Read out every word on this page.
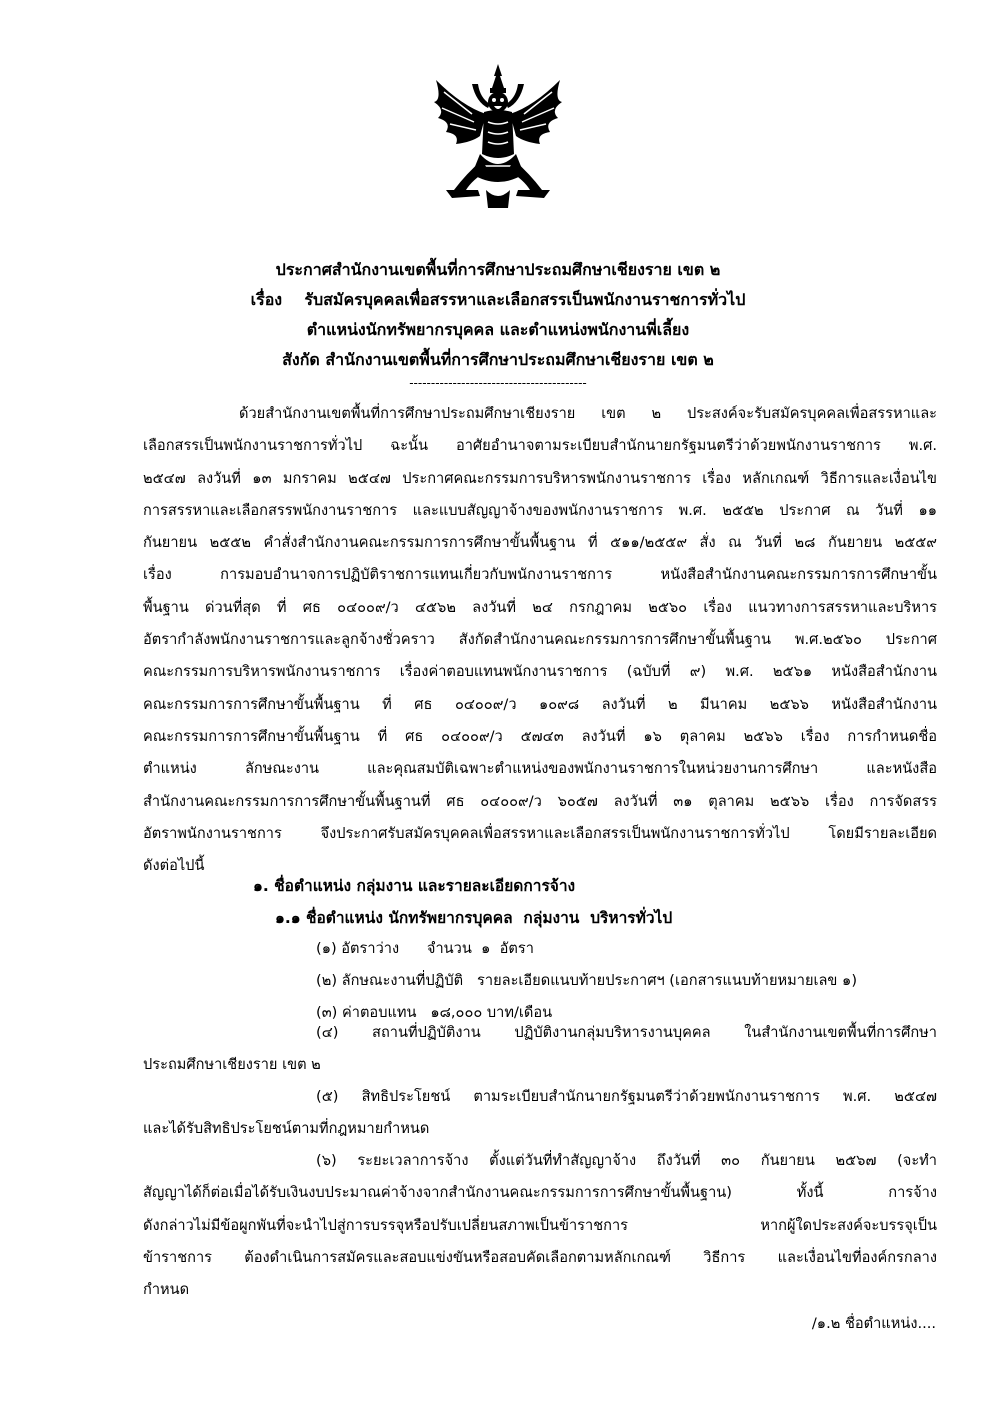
ประกาศสำนักงานเขตพื้นที่การศึกษาประถมศึกษาเชียงราย เขต ๒
เรื่อง    รับสมัครบุคคลเพื่อสรรหาและเลือกสรรเป็นพนักงานราชการทั่วไป
ตำแหน่งนักทรัพยากรบุคคล และตำแหน่งพนักงานพี่เลี้ยง
สังกัด สำนักงานเขตพื้นที่การศึกษาประถมศึกษาเชียงราย เขต ๒
-----------------------------------------
ด้วยสำนักงานเขตพื้นที่การศึกษาประถมศึกษาเชียงราย เขต ๒ ประสงค์จะรับสมัครบุคคลเพื่อสรรหาและ
เลือกสรรเป็นพนักงานราชการทั่วไป ฉะนั้น อาศัยอำนาจตามระเบียบสำนักนายกรัฐมนตรีว่าด้วยพนักงานราชการ พ.ศ.
๒๕๔๗ ลงวันที่ ๑๓ มกราคม ๒๕๔๗ ประกาศคณะกรรมการบริหารพนักงานราชการ เรื่อง หลักเกณฑ์ วิธีการและเงื่อนไข
การสรรหาและเลือกสรรพนักงานราชการ และแบบสัญญาจ้างของพนักงานราชการ พ.ศ. ๒๕๕๒ ประกาศ ณ วันที่ ๑๑
กันยายน ๒๕๕๒ คำสั่งสำนักงานคณะกรรมการการศึกษาขั้นพื้นฐาน ที่ ๕๑๑/๒๕๕๙ สั่ง ณ วันที่ ๒๘ กันยายน ๒๕๕๙
เรื่อง การมอบอำนาจการปฏิบัติราชการแทนเกี่ยวกับพนักงานราชการ หนังสือสำนักงานคณะกรรมการการศึกษาขั้น
พื้นฐาน ด่วนที่สุด ที่ ศธ ๐๔๐๐๙/ว ๔๕๖๒ ลงวันที่ ๒๔ กรกฎาคม ๒๕๖๐ เรื่อง แนวทางการสรรหาและบริหาร
อัตรากำลังพนักงานราชการและลูกจ้างชั่วคราว สังกัดสำนักงานคณะกรรมการการศึกษาขั้นพื้นฐาน พ.ศ.๒๕๖๐ ประกาศ
คณะกรรมการบริหารพนักงานราชการ เรื่องค่าตอบแทนพนักงานราชการ (ฉบับที่ ๙) พ.ศ. ๒๕๖๑ หนังสือสำนักงาน
คณะกรรมการการศึกษาขั้นพื้นฐาน ที่ ศธ ๐๔๐๐๙/ว ๑๐๙๘ ลงวันที่ ๒ มีนาคม ๒๕๖๖ หนังสือสำนักงาน
คณะกรรมการการศึกษาขั้นพื้นฐาน ที่ ศธ ๐๔๐๐๙/ว ๕๗๔๓ ลงวันที่ ๑๖ ตุลาคม ๒๕๖๖ เรื่อง การกำหนดชื่อ
ตำแหน่ง ลักษณะงาน และคุณสมบัติเฉพาะตำแหน่งของพนักงานราชการในหน่วยงานการศึกษา และหนังสือ
สำนักงานคณะกรรมการการศึกษาขั้นพื้นฐานที่ ศธ ๐๔๐๐๙/ว ๖๐๕๗ ลงวันที่ ๓๑ ตุลาคม ๒๕๖๖ เรื่อง การจัดสรร
อัตราพนักงานราชการ จึงประกาศรับสมัครบุคคลเพื่อสรรหาและเลือกสรรเป็นพนักงานราชการทั่วไป โดยมีรายละเอียด
ดังต่อไปนี้
๑. ชื่อตำแหน่ง กลุ่มงาน และรายละเอียดการจ้าง
๑.๑ ชื่อตำแหน่ง นักทรัพยากรบุคคล  กลุ่มงาน  บริหารทั่วไป
(๑) อัตราว่าง      จำนวน  ๑  อัตรา
(๒) ลักษณะงานที่ปฏิบัติ   รายละเอียดแนบท้ายประกาศฯ (เอกสารแนบท้ายหมายเลข ๑)
(๓) ค่าตอบแทน   ๑๘,๐๐๐ บาท/เดือน
(๔) สถานที่ปฏิบัติงาน ปฏิบัติงานกลุ่มบริหารงานบุคคล ในสำนักงานเขตพื้นที่การศึกษา
ประถมศึกษาเชียงราย เขต ๒
(๕) สิทธิประโยชน์ ตามระเบียบสำนักนายกรัฐมนตรีว่าด้วยพนักงานราชการ พ.ศ. ๒๕๔๗
และได้รับสิทธิประโยชน์ตามที่กฎหมายกำหนด
(๖) ระยะเวลาการจ้าง ตั้งแต่วันที่ทำสัญญาจ้าง ถึงวันที่ ๓๐ กันยายน ๒๕๖๗ (จะทำ
สัญญาได้ก็ต่อเมื่อได้รับเงินงบประมาณค่าจ้างจากสำนักงานคณะกรรมการการศึกษาขั้นพื้นฐาน) ทั้งนี้ การจ้าง
ดังกล่าวไม่มีข้อผูกพันที่จะนำไปสู่การบรรจุหรือปรับเปลี่ยนสภาพเป็นข้าราชการ หากผู้ใดประสงค์จะบรรจุเป็น
ข้าราชการ ต้องดำเนินการสมัครและสอบแข่งขันหรือสอบคัดเลือกตามหลักเกณฑ์ วิธีการ และเงื่อนไขที่องค์กรกลาง
กำหนด
/๑.๒ ชื่อตำแหน่ง....
